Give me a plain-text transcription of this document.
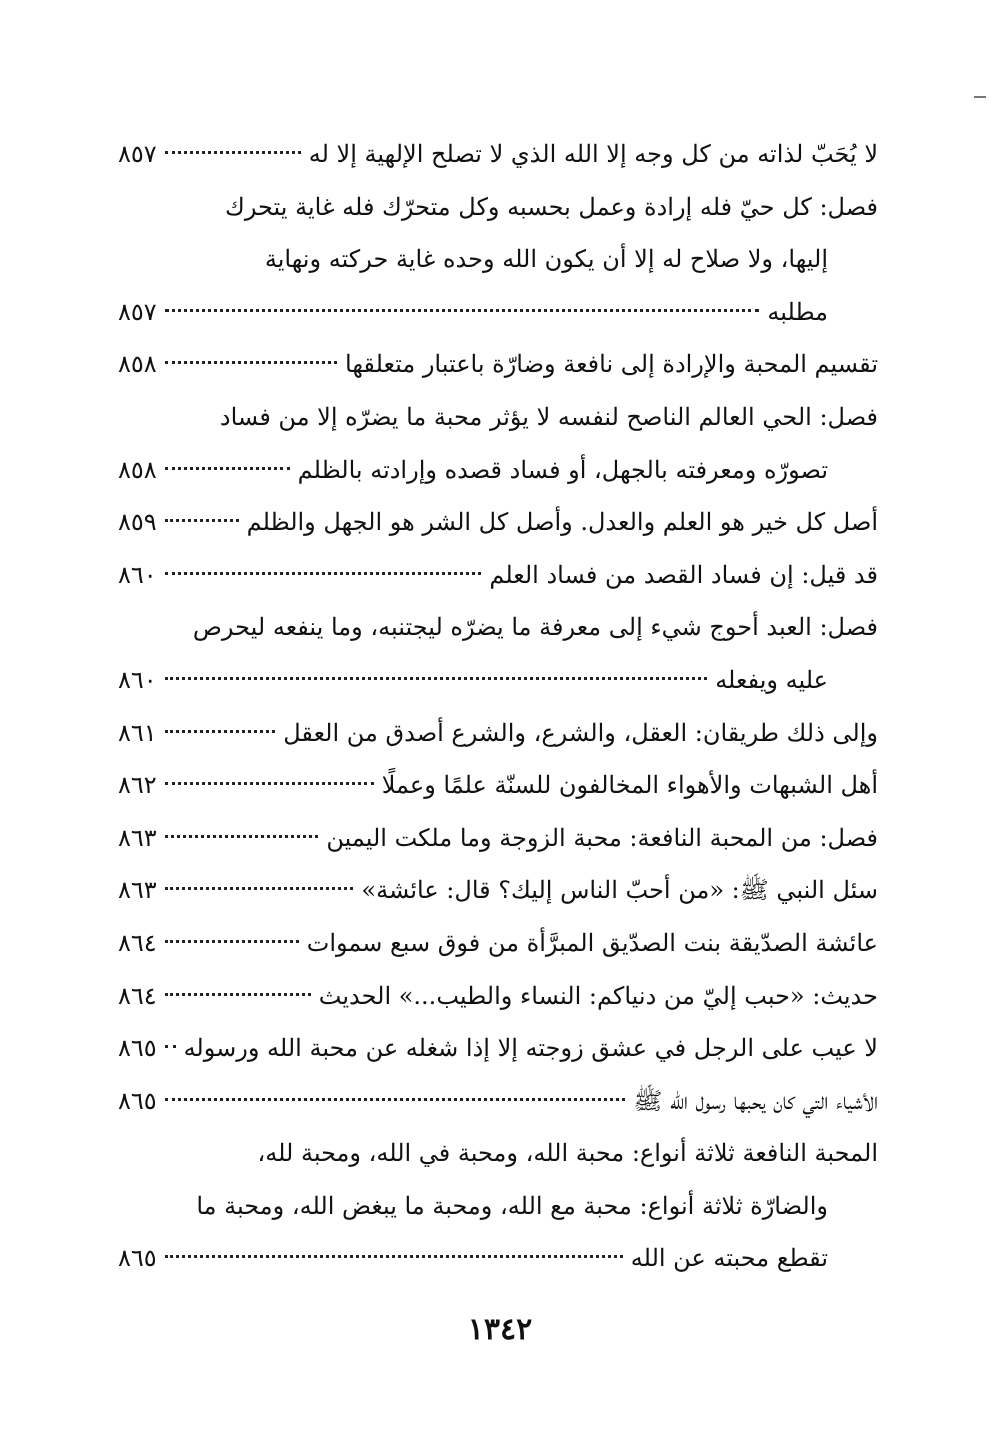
لا يُحَبّ لذاته من كل وجه إلا الله الذي لا تصلح الإلهية إلا له
٨٥٧
فصل: كل حيّ فله إرادة وعمل بحسبه وكل متحرّك فله غاية يتحرك
إليها، ولا صلاح له إلا أن يكون الله وحده غاية حركته ونهاية
مطلبه
٨٥٧
تقسيم المحبة والإرادة إلى نافعة وضارّة باعتبار متعلقها
٨٥٨
فصل: الحي العالم الناصح لنفسه لا يؤثر محبة ما يضرّه إلا من فساد
تصورّه ومعرفته بالجهل، أو فساد قصده وإرادته بالظلم
٨٥٨
أصل كل خير هو العلم والعدل. وأصل كل الشر هو الجهل والظلم
٨٥٩
قد قيل: إن فساد القصد من فساد العلم
٨٦٠
فصل: العبد أحوج شيء إلى معرفة ما يضرّه ليجتنبه، وما ينفعه ليحرص
عليه ويفعله
٨٦٠
وإلى ذلك طريقان: العقل، والشرع، والشرع أصدق من العقل
٨٦١
أهل الشبهات والأهواء المخالفون للسنّة علمًا وعملًا
٨٦٢
فصل: من المحبة النافعة: محبة الزوجة وما ملكت اليمين
٨٦٣
سئل النبي ﷺ: «من أحبّ الناس إليك؟ قال: عائشة»
٨٦٣
عائشة الصدّيقة بنت الصدّيق المبرَّأة من فوق سبع سموات
٨٦٤
حديث: «حبب إليّ من دنياكم: النساء والطيب...» الحديث
٨٦٤
لا عيب على الرجل في عشق زوجته إلا إذا شغله عن محبة الله ورسوله
٨٦٥
الأشياء التي كان يحبها رسول الله ﷺ
٨٦٥
المحبة النافعة ثلاثة أنواع: محبة الله، ومحبة في الله، ومحبة لله،
والضارّة ثلاثة أنواع: محبة مع الله، ومحبة ما يبغض الله، ومحبة ما
تقطع محبته عن الله
٨٦٥
١٣٤٢
